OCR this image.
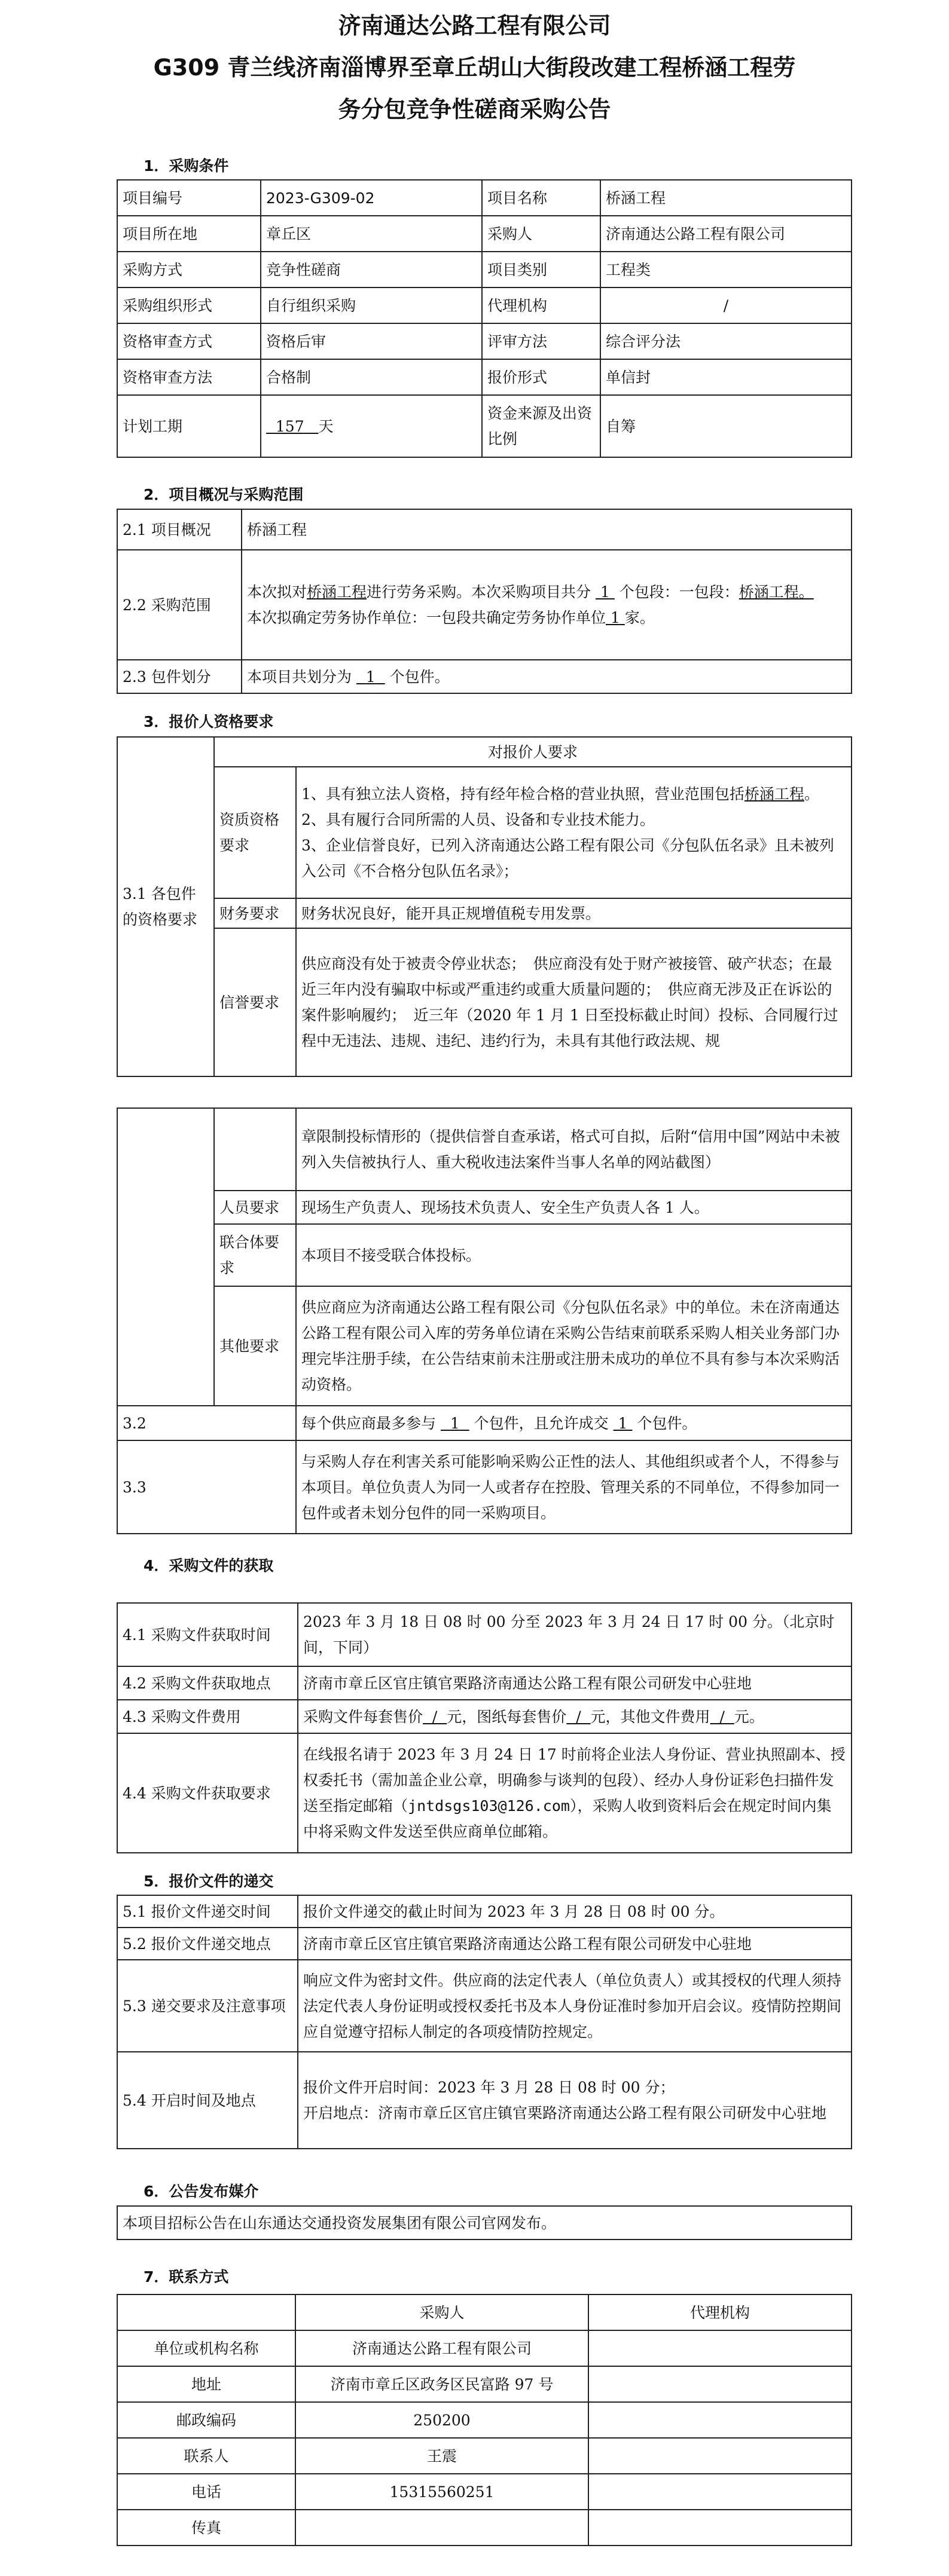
济南通达公路工程有限公司
G309 青兰线济南淄博界至章丘胡山大街段改建工程桥涵工程劳
务分包竞争性磋商采购公告
1．采购条件
项目编号	2023-G309-02	项目名称	桥涵工程
项目所在地	章丘区	采购人	济南通达公路工程有限公司
采购方式	竞争性磋商	项目类别	工程类
采购组织形式	自行组织采购	代理机构	/
资格审查方式	资格后审	评审方法	综合评分法
资格审查方法	合格制	报价形式	单信封
计划工期	157 天	资金来源及出资比例	自筹
2．项目概况与采购范围
2.1 项目概况	桥涵工程
2.2 采购范围	本次拟对桥涵工程进行劳务采购。本次采购项目共分 1 个包段：一包段：桥涵工程。
本次拟确定劳务协作单位：一包段共确定劳务协作单位 1 家。

2.3 包件划分	本项目共划分为 1 个包件。
3．报价人资格要求
3.1 各包件的资格要求	对报价人要求	
	资质资格要求	1、具有独立法人资格，持有经年检合格的营业执照，营业范围包括桥涵工程。
2、具有履行合同所需的人员、设备和专业技术能力。
3、企业信誉良好，已列入济南通达公路工程有限公司《分包队伍名录》且未被列入公司《不合格分包队伍名录》；

	财务要求	财务状况良好，能开具正规增值税专用发票。
	信誉要求	供应商没有处于被责令停业状态；　供应商没有处于财产被接管、破产状态；在最近三年内没有骗取中标或严重违约或重大质量问题的；　供应商无涉及正在诉讼的案件影响履约；　近三年（2020 年 1 月 1 日至投标截止时间）投标、合同履行过程中无违法、违规、违纪、违约行为，未具有其他行政法规、规
		章限制投标情形的（提供信誉自查承诺，格式可自拟，后附“信用中国”网站中未被列入失信被执行人、重大税收违法案件当事人名单的网站截图）
	人员要求	现场生产负责人、现场技术负责人、安全生产负责人各 1 人。
	联合体要求	本项目不接受联合体投标。
	其他要求	供应商应为济南通达公路工程有限公司《分包队伍名录》中的单位。未在济南通达公路工程有限公司入库的劳务单位请在采购公告结束前联系采购人相关业务部门办理完毕注册手续，在公告结束前未注册或注册未成功的单位不具有参与本次采购活动资格。
3.2		每个供应商最多参与 1 个包件，且允许成交 1 个包件。
3.3		与采购人存在利害关系可能影响采购公正性的法人、其他组织或者个人，不得参与本项目。单位负责人为同一人或者存在控股、管理关系的不同单位，不得参加同一包件或者未划分包件的同一采购项目。
4．采购文件的获取
4.1 采购文件获取时间	2023 年 3 月 18 日 08 时 00 分至 2023 年 3 月 24 日 17 时 00 分。（北京时间，下同）
4.2 采购文件获取地点	济南市章丘区官庄镇官栗路济南通达公路工程有限公司研发中心驻地
4.3 采购文件费用	采购文件每套售价 / 元，图纸每套售价 / 元，其他文件费用 / 元。
4.4 采购文件获取要求	在线报名请于 2023 年 3 月 24 日 17 时前将企业法人身份证、营业执照副本、授权委托书（需加盖企业公章，明确参与谈判的包段）、经办人身份证彩色扫描件发送至指定邮箱（jntdsgs103@126.com），采购人收到资料后会在规定时间内集中将采购文件发送至供应商单位邮箱。
5．报价文件的递交
5.1 报价文件递交时间	报价文件递交的截止时间为 2023 年 3 月 28 日 08 时 00 分。
5.2 报价文件递交地点	济南市章丘区官庄镇官栗路济南通达公路工程有限公司研发中心驻地
5.3 递交要求及注意事项	响应文件为密封文件。供应商的法定代表人（单位负责人）或其授权的代理人须持法定代表人身份证明或授权委托书及本人身份证准时参加开启会议。疫情防控期间应自觉遵守招标人制定的各项疫情防控规定。
5.4 开启时间及地点	报价文件开启时间：2023 年 3 月 28 日 08 时 00 分；
开启地点：济南市章丘区官庄镇官栗路济南通达公路工程有限公司研发中心驻地
6．公告发布媒介
本项目招标公告在山东通达交通投资发展集团有限公司官网发布。
7．联系方式
	采购人	代理机构
单位或机构名称	济南通达公路工程有限公司	
地址	济南市章丘区政务区民富路 97 号	
邮政编码	250200	
联系人	王震	
电话	15315560251	
传真		
